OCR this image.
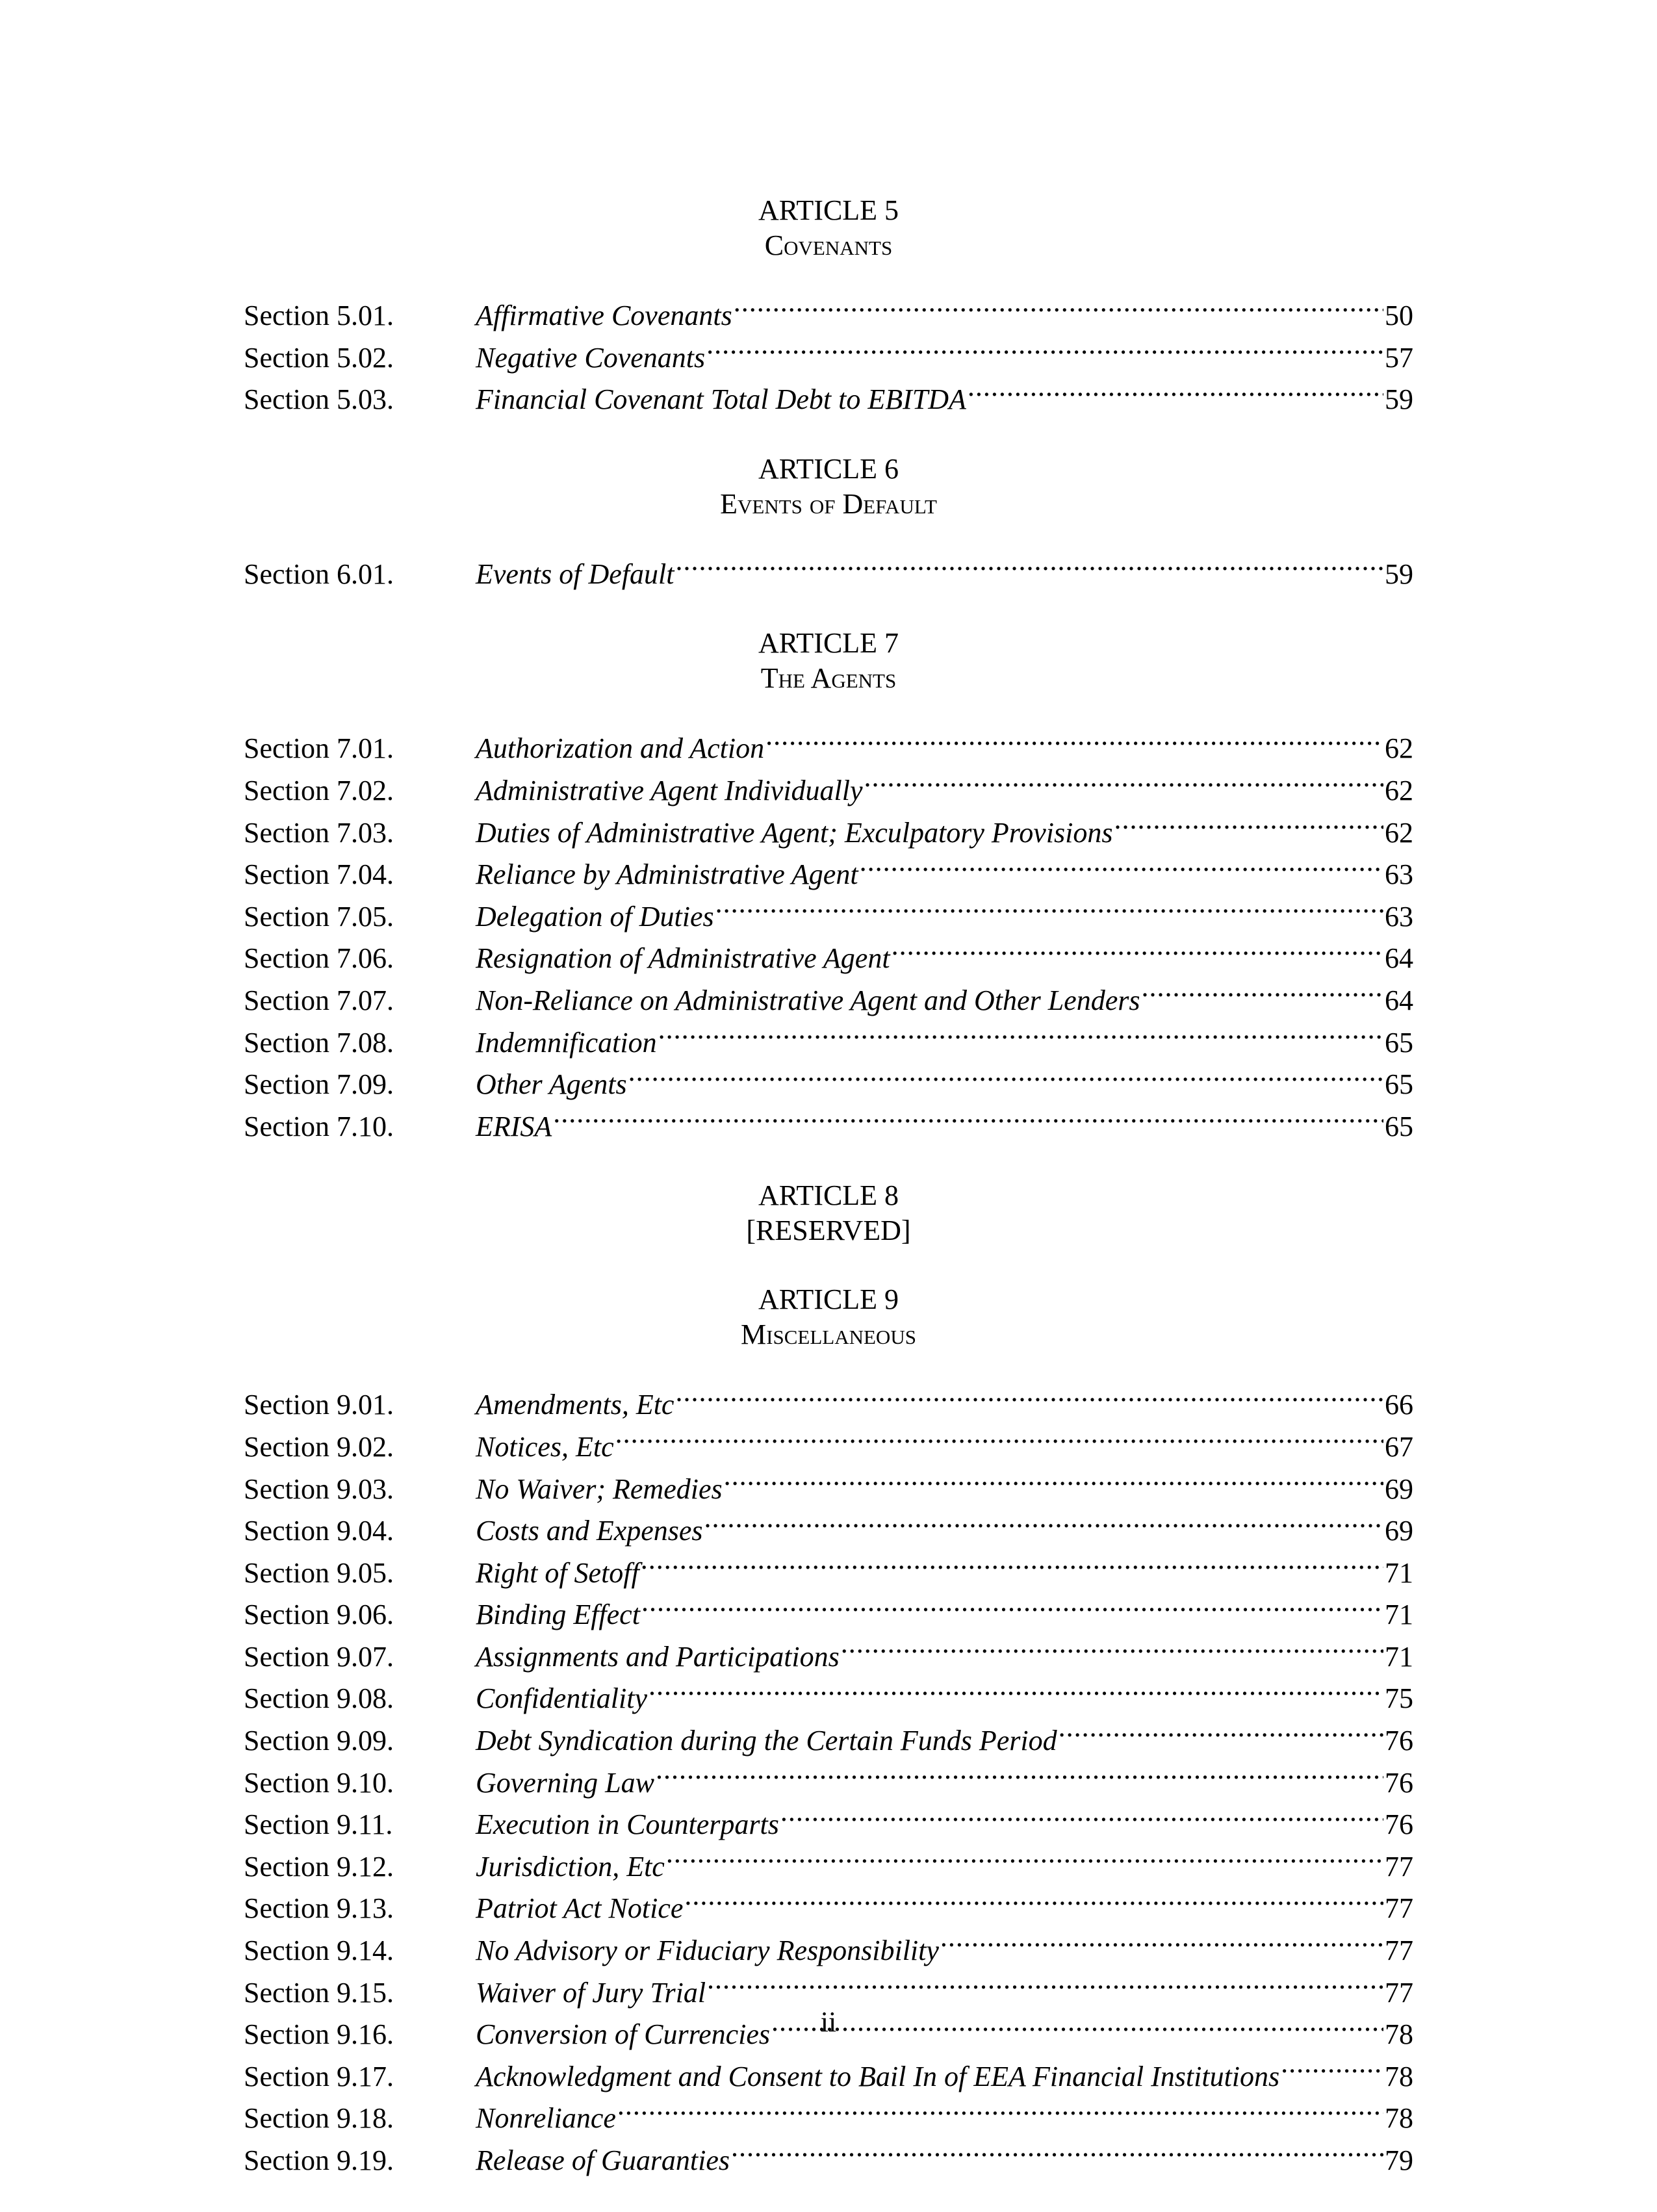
ARTICLE 5
Covenants
Section 5.01.	Affirmative Covenants .....	50
Section 5.02.	Negative Covenants .....	57
Section 5.03.	Financial Covenant Total Debt to EBITDA .....	59
ARTICLE 6
Events of Default
Section 6.01.	Events of Default .....	59
ARTICLE 7
The Agents
Section 7.01.	Authorization and Action .....	62
Section 7.02.	Administrative Agent Individually .....	62
Section 7.03.	Duties of Administrative Agent; Exculpatory Provisions .....	62
Section 7.04.	Reliance by Administrative Agent .....	63
Section 7.05.	Delegation of Duties .....	63
Section 7.06.	Resignation of Administrative Agent .....	64
Section 7.07.	Non-Reliance on Administrative Agent and Other Lenders .....	64
Section 7.08.	Indemnification .....	65
Section 7.09.	Other Agents .....	65
Section 7.10.	ERISA .....	65
ARTICLE 8
[RESERVED]
ARTICLE 9
Miscellaneous
Section 9.01.	Amendments, Etc .....	66
Section 9.02.	Notices, Etc .....	67
Section 9.03.	No Waiver; Remedies .....	69
Section 9.04.	Costs and Expenses .....	69
Section 9.05.	Right of Setoff .....	71
Section 9.06.	Binding Effect .....	71
Section 9.07.	Assignments and Participations .....	71
Section 9.08.	Confidentiality .....	75
Section 9.09.	Debt Syndication during the Certain Funds Period .....	76
Section 9.10.	Governing Law .....	76
Section 9.11.	Execution in Counterparts .....	76
Section 9.12.	Jurisdiction, Etc .....	77
Section 9.13.	Patriot Act Notice .....	77
Section 9.14.	No Advisory or Fiduciary Responsibility .....	77
Section 9.15.	Waiver of Jury Trial .....	77
Section 9.16.	Conversion of Currencies .....	78
Section 9.17.	Acknowledgment and Consent to Bail In of EEA Financial Institutions .....	78
Section 9.18.	Nonreliance .....	78
Section 9.19.	Release of Guaranties .....	79
ii
